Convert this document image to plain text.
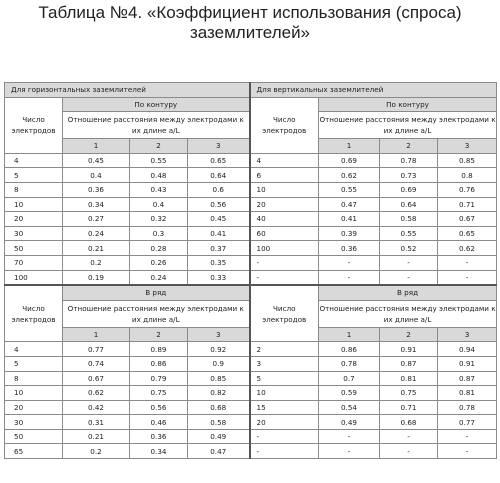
Таблица №4. «Коэффициент использования (спроса)
заземлителей»
Для горизонтальных заземлителей				Для вертикальных заземлителей			
Число электродов	По контуру			Число электродов	По контуру		
	Отношение расстояния между электродами к их длине a/L				Отношение расстояния между электродами к их длине a/L		
	1	2	3		1	2	3
4	0.45	0.55	0.65	4	0.69	0.78	0.85
5	0.4	0.48	0.64	6	0.62	0.73	0.8
8	0.36	0.43	0.6	10	0.55	0.69	0.76
10	0.34	0.4	0.56	20	0.47	0.64	0.71
20	0.27	0.32	0.45	40	0.41	0.58	0.67
30	0.24	0.3	0.41	60	0.39	0.55	0.65
50	0.21	0.28	0.37	100	0.36	0.52	0.62
70	0.2	0.26	0.35	-	-	-	-
100	0.19	0.24	0.33	-	-	-	-
Число электродов	В ряд			Число электродов	В ряд		
	Отношение расстояния между электродами к их длине a/L				Отношение расстояния между электродами к их длине a/L		
	1	2	3		1	2	3
4	0.77	0.89	0.92	2	0.86	0.91	0.94
5	0.74	0.86	0.9	3	0.78	0.87	0.91
8	0.67	0.79	0.85	5	0.7	0.81	0.87
10	0.62	0.75	0.82	10	0.59	0.75	0.81
20	0.42	0.56	0.68	15	0.54	0.71	0.78
30	0.31	0.46	0.58	20	0.49	0.68	0.77
50	0.21	0.36	0.49	-	-	-	-
65	0.2	0.34	0.47	-	-	-	-
